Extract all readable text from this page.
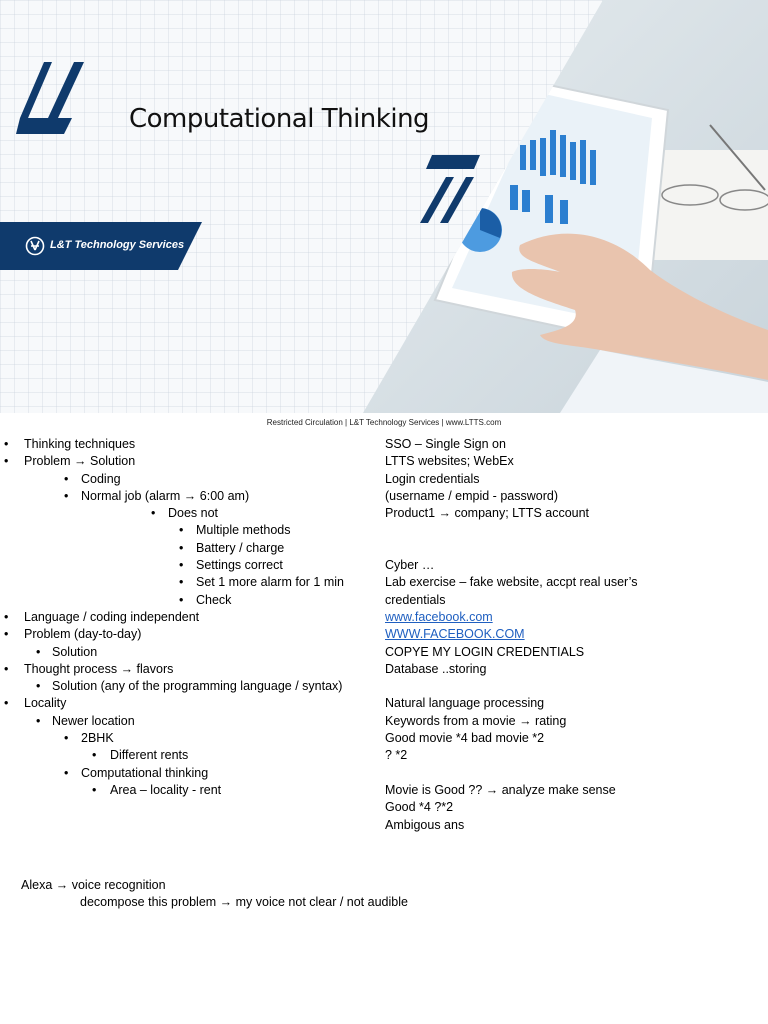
Computational Thinking
L&T Technology Services
Restricted Circulation | L&T Technology Services | www.LTTS.com
• Thinking techniques
• Problem → Solution
• Coding
• Normal job (alarm → 6:00 am)
• Does not
• Multiple methods
• Battery / charge
• Settings correct
• Set 1 more alarm for 1 min
• Check
• Language / coding independent
• Problem (day-to-day)
• Solution
• Thought process → flavors
• Solution (any of the programming language / syntax)
• Locality
• Newer location
• 2BHK
• Different rents
• Computational thinking
• Area – locality - rent
SSO – Single Sign on
LTTS websites; WebEx
Login credentials
(username / empid - password)
Product1 → company; LTTS account
Cyber …
Lab exercise – fake website, accpt real user’s
credentials
www.facebook.com
WWW.FACEBOOK.COM
COPYE MY LOGIN CREDENTIALS
Database ..storing
Natural language processing
Keywords from a movie → rating
Good movie *4 bad movie *2
? *2
Movie is Good ?? → analyze make sense
Good *4 ?*2
Ambigous ans
Alexa → voice recognition
decompose this problem → my voice not clear / not audible
